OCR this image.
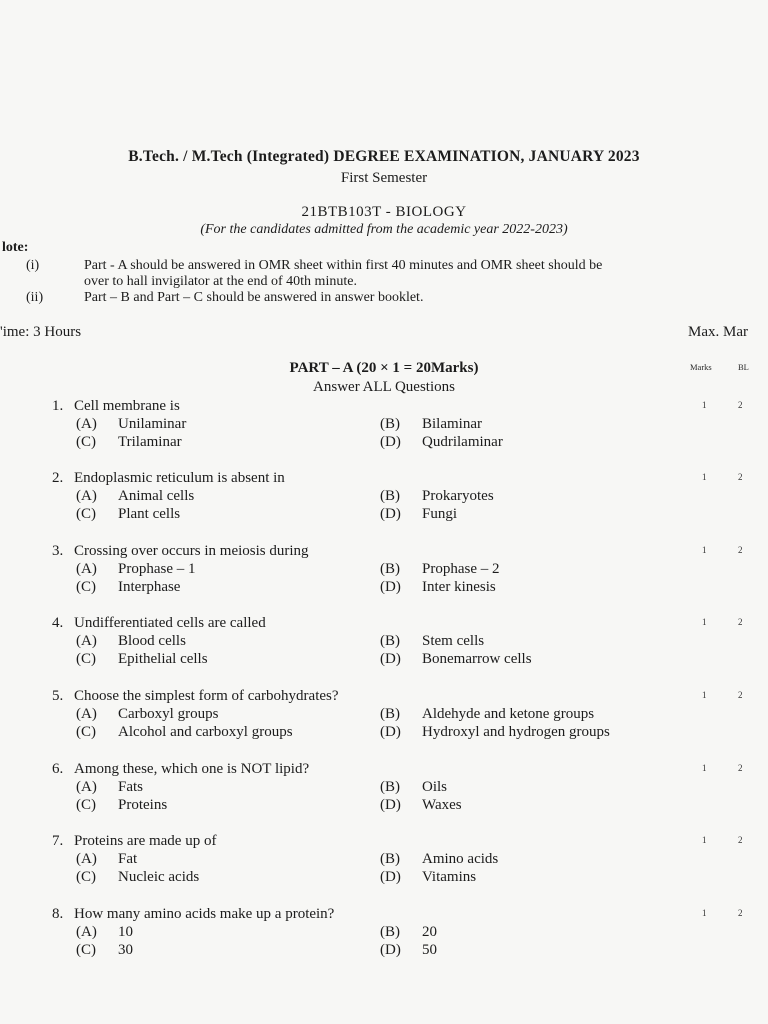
B.Tech. / M.Tech (Integrated) DEGREE EXAMINATION, JANUARY 2023
First Semester
21BTB103T - BIOLOGY
(For the candidates admitted from the academic year 2022-2023)
lote:
(i)	Part - A should be answered in OMR sheet within first 40 minutes and OMR sheet should be
over to hall invigilator at the end of 40th minute.
(ii)	Part – B and Part – C should be answered in answer booklet.
'ime: 3 Hours	Max. Mar
PART – A (20 × 1 = 20Marks)
Answer ALL Questions
Marks	BL
1. Cell membrane is
(A) Unilaminar	(B) Bilaminar
(C) Trilaminar	(D) Qudrilaminar
1	2
2. Endoplasmic reticulum is absent in
(A) Animal cells	(B) Prokaryotes
(C) Plant cells	(D) Fungi
1	2
3. Crossing over occurs in meiosis during
(A) Prophase – 1	(B) Prophase – 2
(C) Interphase	(D) Inter kinesis
1	2
4. Undifferentiated cells are called
(A) Blood cells	(B) Stem cells
(C) Epithelial cells	(D) Bonemarrow cells
1	2
5. Choose the simplest form of carbohydrates?
(A) Carboxyl groups	(B) Aldehyde and ketone groups
(C) Alcohol and carboxyl groups	(D) Hydroxyl and hydrogen groups
1	2
6. Among these, which one is NOT lipid?
(A) Fats	(B) Oils
(C) Proteins	(D) Waxes
1	2
7. Proteins are made up of
(A) Fat	(B) Amino acids
(C) Nucleic acids	(D) Vitamins
1	2
8. How many amino acids make up a protein?
(A) 10	(B) 20
(C) 30	(D) 50
1	2
